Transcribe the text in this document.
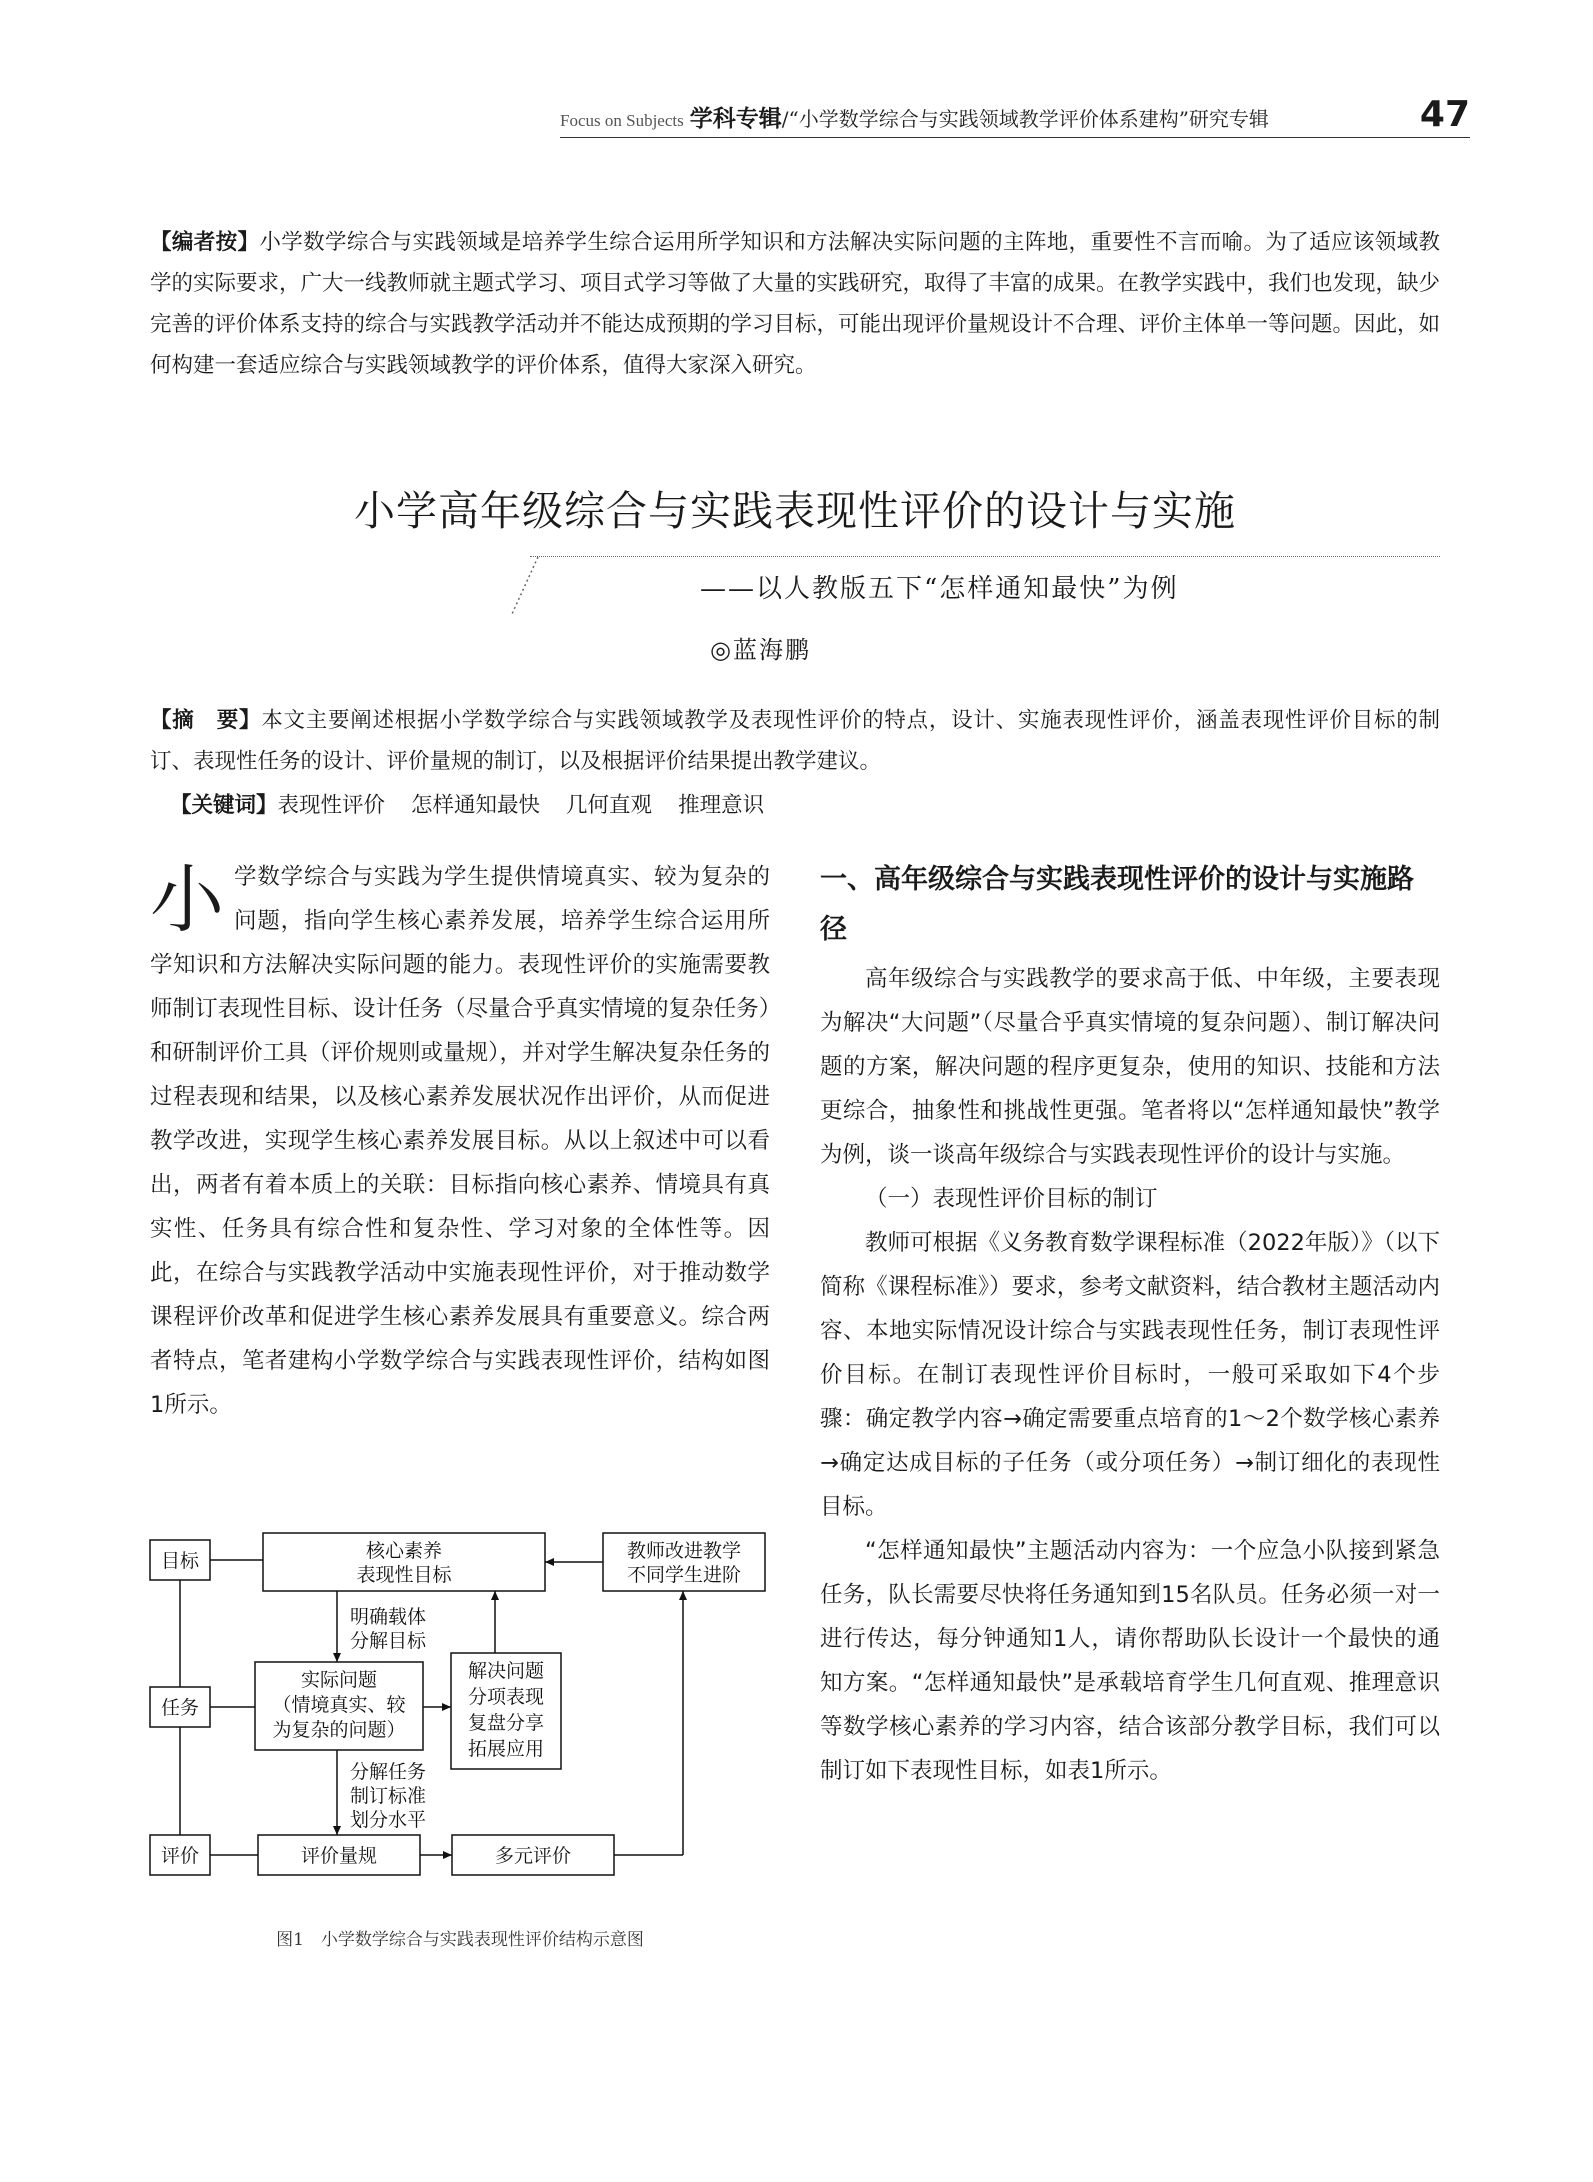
Focus on Subjects 学科专辑/“小学数学综合与实践领域教学评价体系建构”研究专辑	47
【编者按】小学数学综合与实践领域是培养学生综合运用所学知识和方法解决实际问题的主阵地，重要性不言而喻。为了适应该领域教学的实际要求，广大一线教师就主题式学习、项目式学习等做了大量的实践研究，取得了丰富的成果。在教学实践中，我们也发现，缺少完善的评价体系支持的综合与实践教学活动并不能达成预期的学习目标，可能出现评价量规设计不合理、评价主体单一等问题。因此，如何构建一套适应综合与实践领域教学的评价体系，值得大家深入研究。
小学高年级综合与实践表现性评价的设计与实施
——以人教版五下“怎样通知最快”为例
◎蓝海鹏
【摘　要】本文主要阐述根据小学数学综合与实践领域教学及表现性评价的特点，设计、实施表现性评价，涵盖表现性评价目标的制订、表现性任务的设计、评价量规的制订，以及根据评价结果提出教学建议。
【关键词】表现性评价 怎样通知最快 几何直观 推理意识
小学数学综合与实践为学生提供情境真实、较为复杂的问题，指向学生核心素养发展，培养学生综合运用所学知识和方法解决实际问题的能力。表现性评价的实施需要教师制订表现性目标、设计任务（尽量合乎真实情境的复杂任务）和研制评价工具（评价规则或量规），并对学生解决复杂任务的过程表现和结果，以及核心素养发展状况作出评价，从而促进教学改进，实现学生核心素养发展目标。从以上叙述中可以看出，两者有着本质上的关联：目标指向核心素养、情境具有真实性、任务具有综合性和复杂性、学习对象的全体性等。因此，在综合与实践教学活动中实施表现性评价，对于推动数学课程评价改革和促进学生核心素养发展具有重要意义。综合两者特点，笔者建构小学数学综合与实践表现性评价，结构如图1所示。
目标
任务
评价
核心素养
表现性目标
教师改进教学
不同学生进阶
明确载体
分解目标
实际问题
（情境真实、较
为复杂的问题）
解决问题
分项表现
复盘分享
拓展应用
分解任务
制订标准
划分水平
评价量规	多元评价
图1　小学数学综合与实践表现性评价结构示意图
一、高年级综合与实践表现性评价的设计与实施路径

高年级综合与实践教学的要求高于低、中年级，主要表现为解决“大问题”（尽量合乎真实情境的复杂问题）、制订解决问题的方案，解决问题的程序更复杂，使用的知识、技能和方法更综合，抽象性和挑战性更强。笔者将以“怎样通知最快”教学为例，谈一谈高年级综合与实践表现性评价的设计与实施。

（一）表现性评价目标的制订

教师可根据《义务教育数学课程标准（2022年版）》（以下简称《课程标准》）要求，参考文献资料，结合教材主题活动内容、本地实际情况设计综合与实践表现性任务，制订表现性评价目标。在制订表现性评价目标时，一般可采取如下4个步骤：确定教学内容→确定需要重点培育的1～2个数学核心素养→确定达成目标的子任务（或分项任务）→制订细化的表现性目标。

“怎样通知最快”主题活动内容为：一个应急小队接到紧急任务，队长需要尽快将任务通知到15名队员。任务必须一对一进行传达，每分钟通知1人，请你帮助队长设计一个最快的通知方案。“怎样通知最快”是承载培育学生几何直观、推理意识等数学核心素养的学习内容，结合该部分教学目标，我们可以制订如下表现性目标，如表1所示。
